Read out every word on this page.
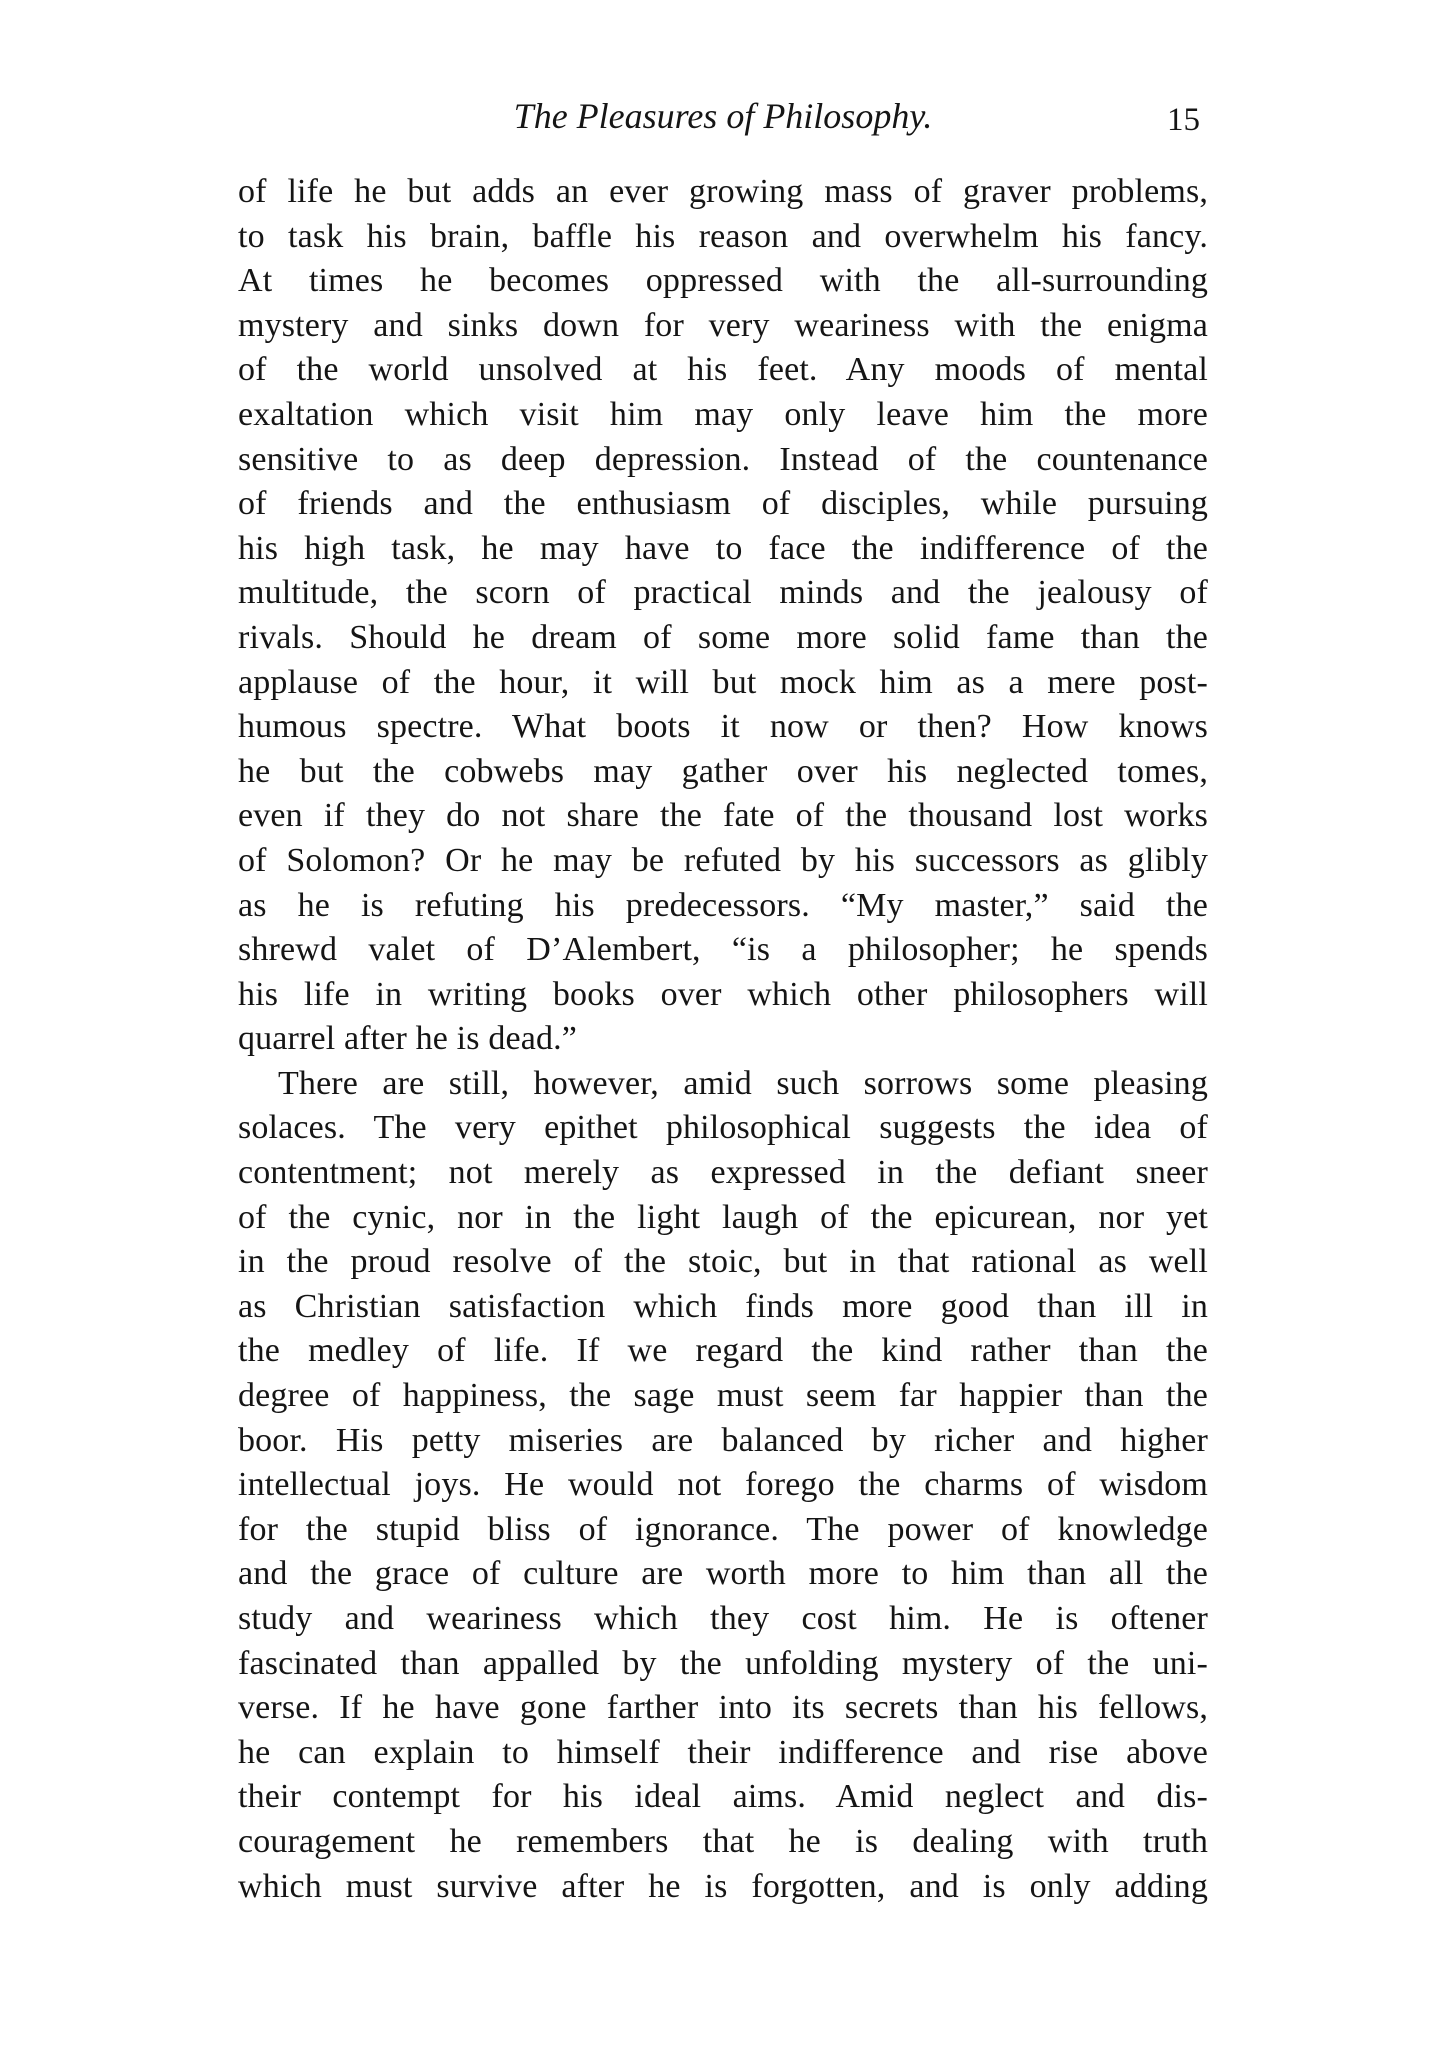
The Pleasures of Philosophy.	15
of life he but adds an ever growing mass of graver problems,
to task his brain, baffle his reason and overwhelm his fancy.
At times he becomes oppressed with the all-surrounding
mystery and sinks down for very weariness with the enigma
of the world unsolved at his feet. Any moods of mental
exaltation which visit him may only leave him the more
sensitive to as deep depression. Instead of the countenance
of friends and the enthusiasm of disciples, while pursuing
his high task, he may have to face the indifference of the
multitude, the scorn of practical minds and the jealousy of
rivals. Should he dream of some more solid fame than the
applause of the hour, it will but mock him as a mere post-
humous spectre. What boots it now or then? How knows
he but the cobwebs may gather over his neglected tomes,
even if they do not share the fate of the thousand lost works
of Solomon? Or he may be refuted by his successors as glibly
as he is refuting his predecessors. “My master,” said the
shrewd valet of D’Alembert, “is a philosopher; he spends
his life in writing books over which other philosophers will
quarrel after he is dead.”
There are still, however, amid such sorrows some pleasing
solaces. The very epithet philosophical suggests the idea of
contentment; not merely as expressed in the defiant sneer
of the cynic, nor in the light laugh of the epicurean, nor yet
in the proud resolve of the stoic, but in that rational as well
as Christian satisfaction which finds more good than ill in
the medley of life. If we regard the kind rather than the
degree of happiness, the sage must seem far happier than the
boor. His petty miseries are balanced by richer and higher
intellectual joys. He would not forego the charms of wisdom
for the stupid bliss of ignorance. The power of knowledge
and the grace of culture are worth more to him than all the
study and weariness which they cost him. He is oftener
fascinated than appalled by the unfolding mystery of the uni-
verse. If he have gone farther into its secrets than his fellows,
he can explain to himself their indifference and rise above
their contempt for his ideal aims. Amid neglect and dis-
couragement he remembers that he is dealing with truth
which must survive after he is forgotten, and is only adding
